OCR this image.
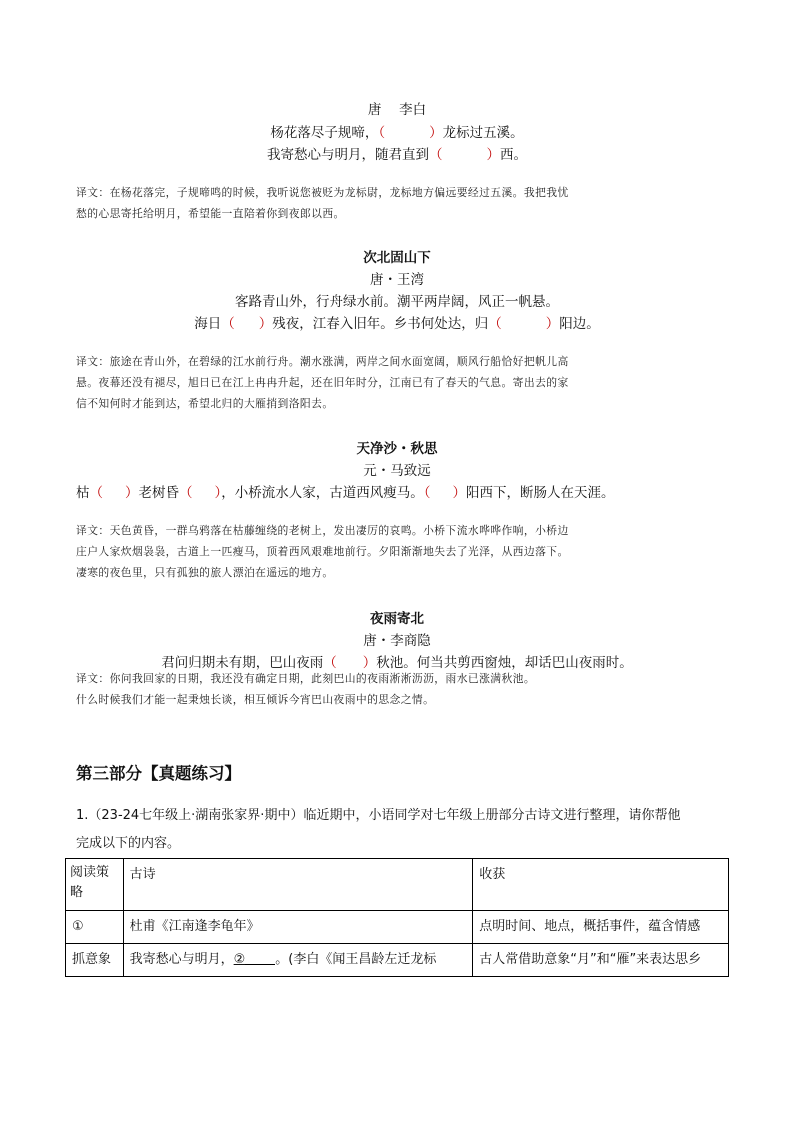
唐　 李白
杨花落尽子规啼，（	）龙标过五溪。
我寄愁心与明月，随君直到（	）西。
译文：在杨花落完，子规啼鸣的时候，我听说您被贬为龙标尉，龙标地方偏远要经过五溪。我把我忧
愁的心思寄托给明月，希望能一直陪着你到夜郎以西。
次北固山下
唐・王湾
客路青山外，行舟绿水前。潮平两岸阔，风正一帆悬。
海日（ ）残夜，江春入旧年。乡书何处达，归（	）阳边。
译文：旅途在青山外，在碧绿的江水前行舟。潮水涨满，两岸之间水面宽阔，顺风行船恰好把帆儿高
悬。夜幕还没有褪尽，旭日已在江上冉冉升起，还在旧年时分，江南已有了春天的气息。寄出去的家
信不知何时才能到达，希望北归的大雁捎到洛阳去。
天净沙・秋思
元・马致远
枯（ ）老树昏（ ），小桥流水人家，古道西风瘦马。（ ）阳西下，断肠人在天涯。
译文：天色黄昏，一群乌鸦落在枯藤缠绕的老树上，发出凄厉的哀鸣。小桥下流水哗哗作响，小桥边
庄户人家炊烟袅袅，古道上一匹瘦马，顶着西风艰难地前行。夕阳渐渐地失去了光泽，从西边落下。
凄寒的夜色里，只有孤独的旅人漂泊在遥远的地方。
夜雨寄北
唐・李商隐
君问归期未有期，巴山夜雨（ ）秋池。何当共剪西窗烛，却话巴山夜雨时。
译文：你问我回家的日期，我还没有确定日期，此刻巴山的夜雨淅淅沥沥，雨水已涨满秋池。
什么时候我们才能一起秉烛长谈，相互倾诉今宵巴山夜雨中的思念之情。
第三部分【真题练习】
1.（23-24七年级上·湖南张家界·期中）临近期中，小语同学对七年级上册部分古诗文进行整理，请你帮他
完成以下的内容。
阅读策略	古诗	收获
①	杜甫《江南逢李龟年》	点明时间、地点，概括事件，蕴含情感
抓意象	我寄愁心与明月，② 。(李白《闻王昌龄左迁龙标	古人常借助意象“月”和“雁”来表达思乡
